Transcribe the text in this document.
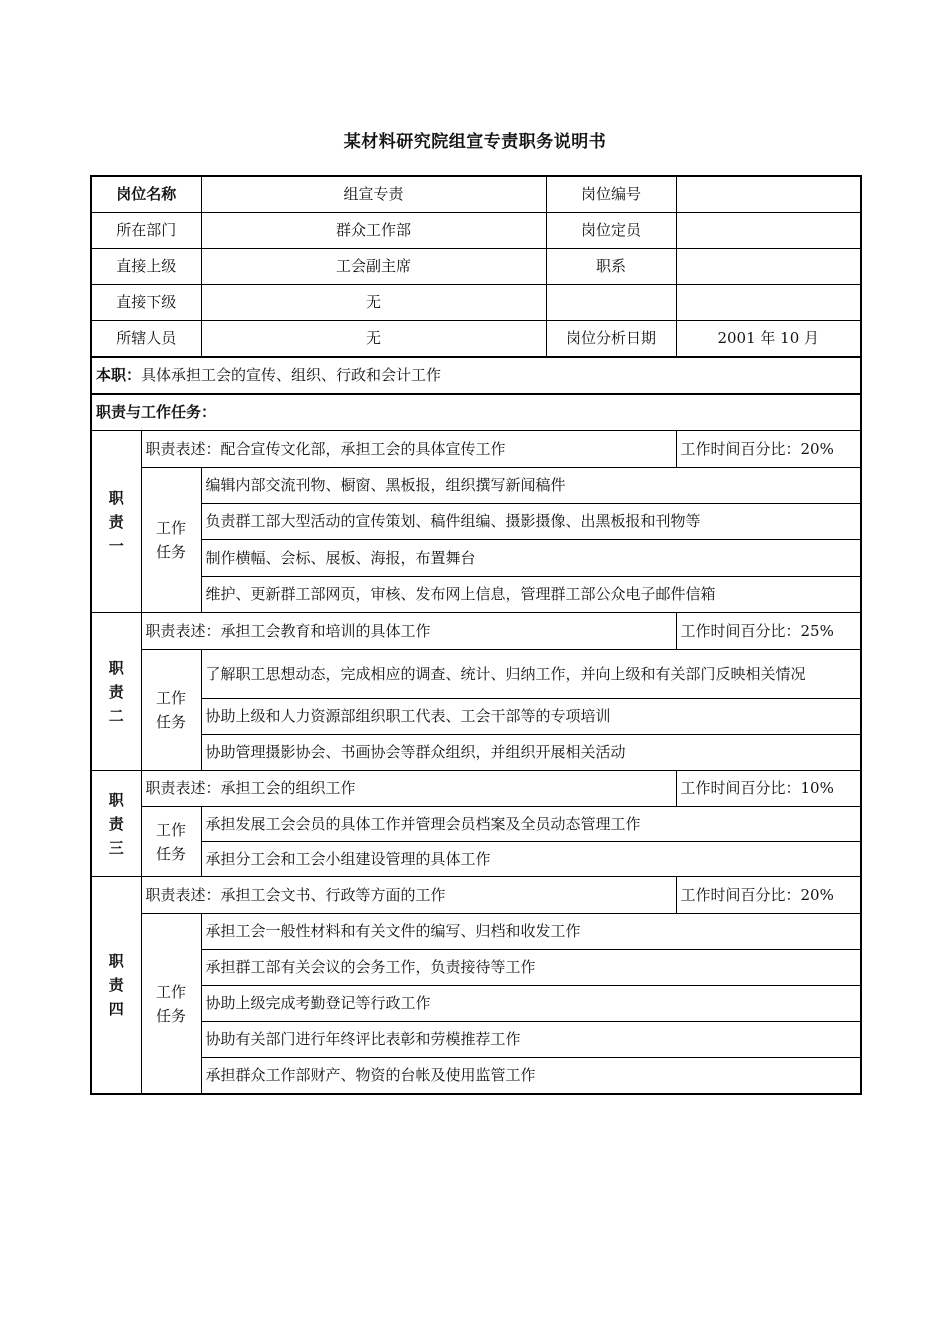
某材料研究院组宣专责职务说明书
岗位名称		组宣专责	岗位编号	
所在部门		群众工作部	岗位定员	
直接上级		工会副主席	职系	
直接下级		无		
所辖人员		无	岗位分析日期	2001 年 10 月
本职：具体承担工会的宣传、组织、行政和会计工作				
职责与工作任务：				

职
责
一	职责表述：配合宣传文化部，承担工会的具体宣传工作			工作时间百分比：20%

	工作
任务	编辑内部交流刊物、橱窗、黑板报，组织撰写新闻稿件		
		负责群工部大型活动的宣传策划、稿件组编、摄影摄像、出黑板报和刊物等		
		制作横幅、会标、展板、海报，布置舞台		
		维护、更新群工部网页，审核、发布网上信息，管理群工部公众电子邮件信箱		

职
责
二	职责表述：承担工会教育和培训的具体工作			工作时间百分比：25%

	工作
任务	了解职工思想动态，完成相应的调查、统计、归纳工作，并向上级和有关部门反映相关情况		
		协助上级和人力资源部组织职工代表、工会干部等的专项培训		
		协助管理摄影协会、书画协会等群众组织，并组织开展相关活动		

职
责
三	职责表述：承担工会的组织工作			工作时间百分比：10%

	工作
任务	承担发展工会会员的具体工作并管理会员档案及全员动态管理工作		
		承担分工会和工会小组建设管理的具体工作		

职
责
四	职责表述：承担工会文书、行政等方面的工作			工作时间百分比：20%

	工作
任务	承担工会一般性材料和有关文件的编写、归档和收发工作		
		承担群工部有关会议的会务工作，负责接待等工作		
		协助上级完成考勤登记等行政工作		
		协助有关部门进行年终评比表彰和劳模推荐工作		
		承担群众工作部财产、物资的台帐及使用监管工作		
